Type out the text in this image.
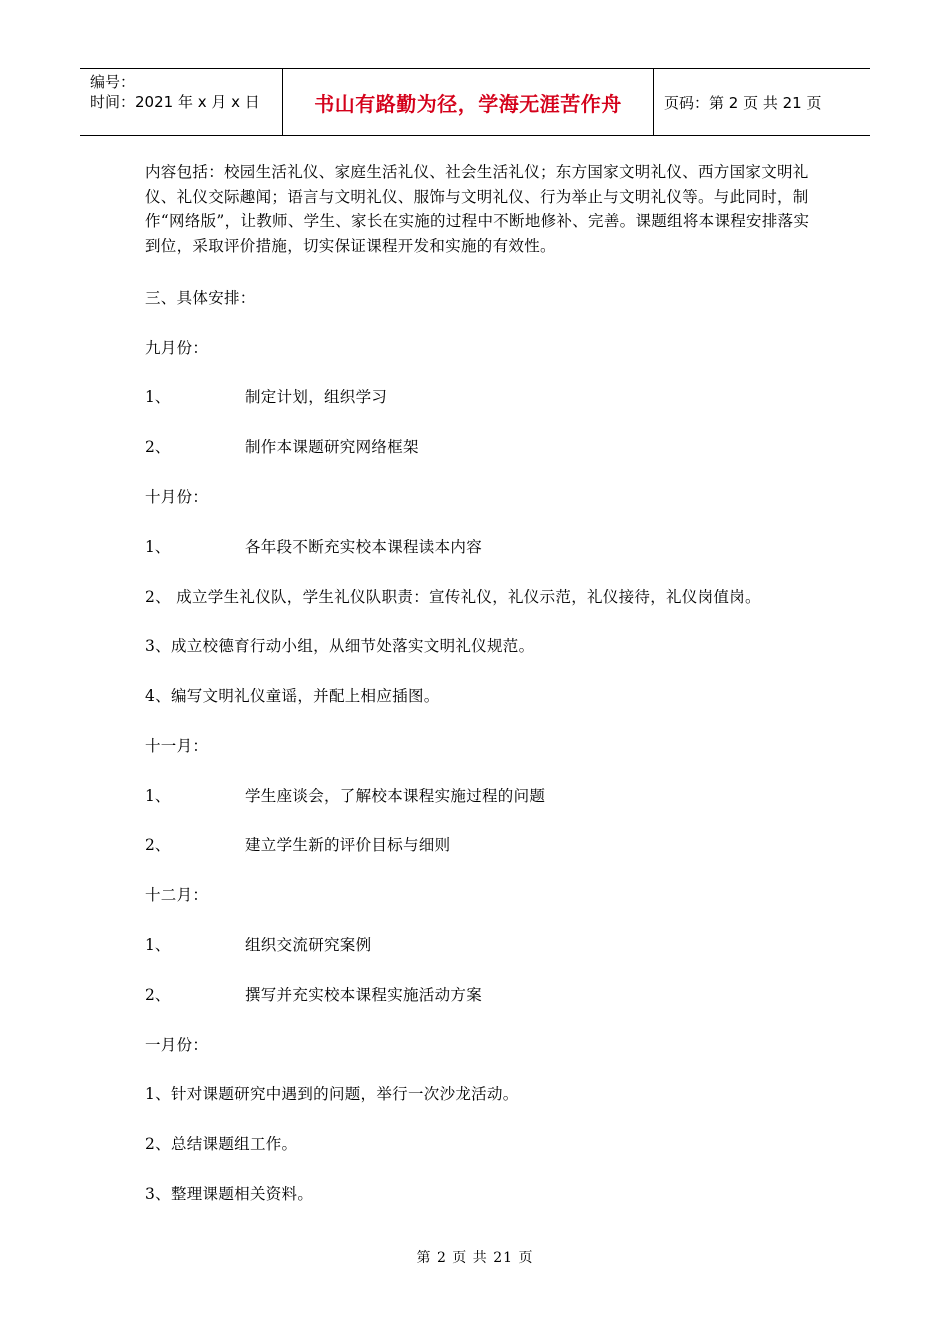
编号：
时间：2021 年 x 月 x 日	书山有路勤为径，学海无涯苦作舟	页码：第 2 页 共 21 页
内容包括：校园生活礼仪、家庭生活礼仪、社会生活礼仪；东方国家文明礼仪、西方国家文明礼仪、礼仪交际趣闻；语言与文明礼仪、服饰与文明礼仪、行为举止与文明礼仪等。与此同时，制作“网络版”，让教师、学生、家长在实施的过程中不断地修补、完善。课题组将本课程安排落实到位，采取评价措施，切实保证课程开发和实施的有效性。
三、具体安排：
九月份：
1、	制定计划，组织学习
2、	制作本课题研究网络框架
十月份：
1、	各年段不断充实校本课程读本内容
2、 成立学生礼仪队，学生礼仪队职责：宣传礼仪，礼仪示范，礼仪接待，礼仪岗值岗。
3、成立校德育行动小组，从细节处落实文明礼仪规范。
4、编写文明礼仪童谣，并配上相应插图。
十一月：
1、	学生座谈会，了解校本课程实施过程的问题
2、	建立学生新的评价目标与细则
十二月：
1、	组织交流研究案例
2、	撰写并充实校本课程实施活动方案
一月份：
1、针对课题研究中遇到的问题，举行一次沙龙活动。
2、总结课题组工作。
3、整理课题相关资料。
第 2 页 共 21 页
